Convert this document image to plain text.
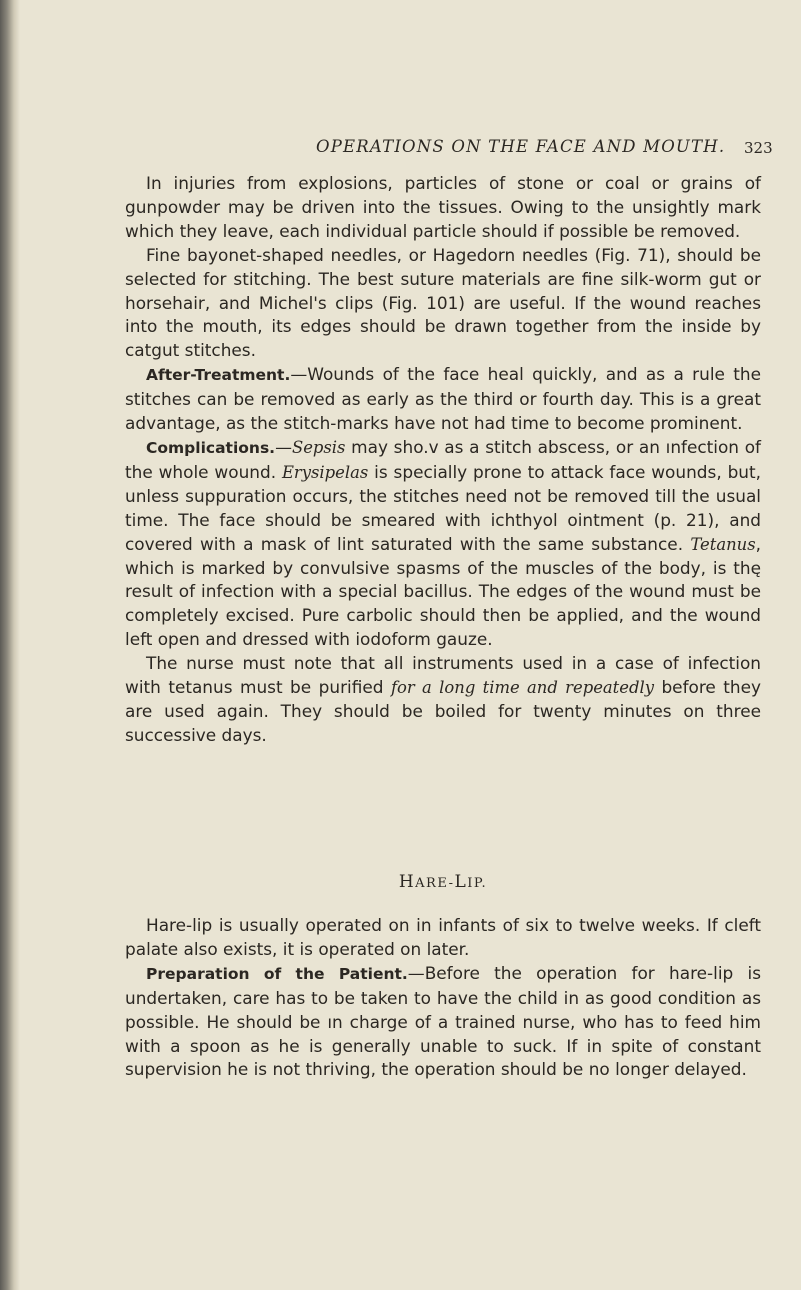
OPERATIONS ON THE FACE AND MOUTH. 323

In injuries from explosions, particles of stone or coal or grains of gunpowder may be driven into the tissues. Owing to the unsightly mark which they leave, each individual particle should if possible be removed.

Fine bayonet-shaped needles, or Hagedorn needles (Fig. 71), should be selected for stitching. The best suture materials are fine silk-worm gut or horsehair, and Michel's clips (Fig. 101) are useful. If the wound reaches into the mouth, its edges should be drawn together from the inside by catgut stitches.

After-Treatment.—Wounds of the face heal quickly, and as a rule the stitches can be removed as early as the third or fourth day. This is a great advantage, as the stitch-marks have not had time to become prominent.

Complications.—Sepsis may sho.v as a stitch abscess, or an ınfection of the whole wound. Erysipelas is specially prone to attack face wounds, but, unless suppuration occurs, the stitches need not be removed till the usual time. The face should be smeared with ichthyol ointment (p. 21), and covered with a mask of lint saturated with the same substance. Tetanus, which is marked by convulsive spasms of the muscles of the body, is thę result of infection with a special bacillus. The edges of the wound must be completely excised. Pure carbolic should then be applied, and the wound left open and dressed with iodoform gauze.

The nurse must note that all instruments used in a case of infection with tetanus must be purified for a long time and repeatedly before they are used again. They should be boiled for twenty minutes on three successive days.

HARE-LIP.

Hare-lip is usually operated on in infants of six to twelve weeks. If cleft palate also exists, it is operated on later.

Preparation of the Patient.—Before the operation for hare-lip is undertaken, care has to be taken to have the child in as good condition as possible. He should be ın charge of a trained nurse, who has to feed him with a spoon as he is generally unable to suck. If in spite of constant supervision he is not thriving, the operation should be no longer delayed.
